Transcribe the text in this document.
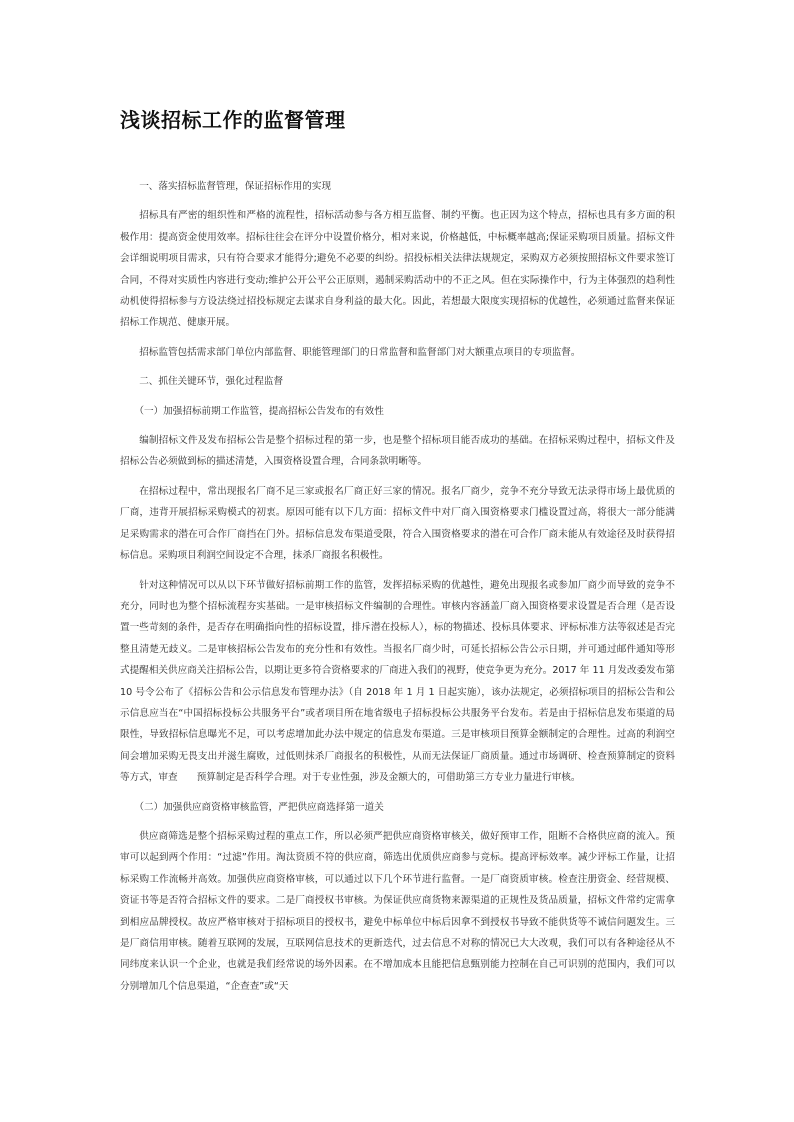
浅谈招标工作的监督管理

一、落实招标监督管理，保证招标作用的实现

招标具有严密的组织性和严格的流程性，招标活动参与各方相互监督、制约平衡。也正因为这个特点，招标也具有多方面的积极作用：提高资金使用效率。招标往往会在评分中设置价格分，相对来说，价格越低，中标概率越高;保证采购项目质量。招标文件会详细说明项目需求，只有符合要求才能得分;避免不必要的纠纷。招投标相关法律法规规定，采购双方必须按照招标文件要求签订合同，不得对实质性内容进行变动;维护公开公平公正原则，遏制采购活动中的不正之风。但在实际操作中，行为主体强烈的趋利性动机使得招标参与方设法绕过招投标规定去谋求自身利益的最大化。因此，若想最大限度实现招标的优越性，必须通过监督来保证招标工作规范、健康开展。

招标监管包括需求部门单位内部监督、职能管理部门的日常监督和监督部门对大额重点项目的专项监督。

二、抓住关键环节，强化过程监督

（一）加强招标前期工作监管，提高招标公告发布的有效性

编制招标文件及发布招标公告是整个招标过程的第一步，也是整个招标项目能否成功的基础。在招标采购过程中，招标文件及招标公告必须做到标的描述清楚，入围资格设置合理，合同条款明晰等。

在招标过程中，常出现报名厂商不足三家或报名厂商正好三家的情况。报名厂商少，竞争不充分导致无法录得市场上最优质的厂商，违背开展招标采购模式的初衷。原因可能有以下几方面：招标文件中对厂商入围资格要求门槛设置过高，将很大一部分能满足采购需求的潜在可合作厂商挡在门外。招标信息发布渠道受限，符合入围资格要求的潜在可合作厂商未能从有效途径及时获得招标信息。采购项目利润空间设定不合理，抹杀厂商报名积极性。

针对这种情况可以从以下环节做好招标前期工作的监管，发挥招标采购的优越性，避免出现报名或参加厂商少而导致的竞争不充分，同时也为整个招标流程夯实基础。一是审核招标文件编制的合理性。审核内容涵盖厂商入围资格要求设置是否合理（是否设置一些苛刻的条件，是否存在明确指向性的招标设置，排斥潜在投标人），标的物描述、投标具体要求、评标标准方法等叙述是否完整且清楚无歧义。二是审核招标公告发布的充分性和有效性。当报名厂商少时，可延长招标公告公示日期，并可通过邮件通知等形式提醒相关供应商关注招标公告，以期让更多符合资格要求的厂商进入我们的视野，使竞争更为充分。2017 年 11 月发改委发布第 10 号令公布了《招标公告和公示信息发布管理办法》（自 2018 年 1 月 1 日起实施），该办法规定，必须招标项目的招标公告和公示信息应当在“中国招标投标公共服务平台”或者项目所在地省级电子招标投标公共服务平台发布。若是由于招标信息发布渠道的局限性，导致招标信息曝光不足，可以考虑增加此办法中规定的信息发布渠道。三是审核项目预算金额制定的合理性。过高的利润空间会增加采购无畏支出并滋生腐败，过低则抹杀厂商报名的积极性，从而无法保证厂商质量。通过市场调研、检查预算制定的资料等方式，审查　　预算制定是否科学合理。对于专业性强，涉及金额大的，可借助第三方专业力量进行审核。

（二）加强供应商资格审核监管，严把供应商选择第一道关

供应商筛选是整个招标采购过程的重点工作，所以必须严把供应商资格审核关，做好预审工作，阻断不合格供应商的流入。预审可以起到两个作用：“过滤”作用。淘汰资质不符的供应商，筛选出优质供应商参与竞标。提高评标效率。减少评标工作量，让招标采购工作流畅并高效。加强供应商资格审核，可以通过以下几个环节进行监督。一是厂商资质审核。检查注册资金、经营规模、资证书等是否符合招标文件的要求。二是厂商授权书审核。为保证供应商货物来源渠道的正规性及货品质量，招标文件常约定需拿到相应品牌授权。故应严格审核对于招标项目的授权书，避免中标单位中标后因拿不到授权书导致不能供货等不诚信问题发生。三是厂商信用审核。随着互联网的发展，互联网信息技术的更新迭代，过去信息不对称的情况已大大改观，我们可以有各种途径从不同纬度来认识一个企业，也就是我们经常说的场外因素。在不增加成本且能把信息甄别能力控制在自己可识别的范围内，我们可以分别增加几个信息渠道，“企查查”或“天
